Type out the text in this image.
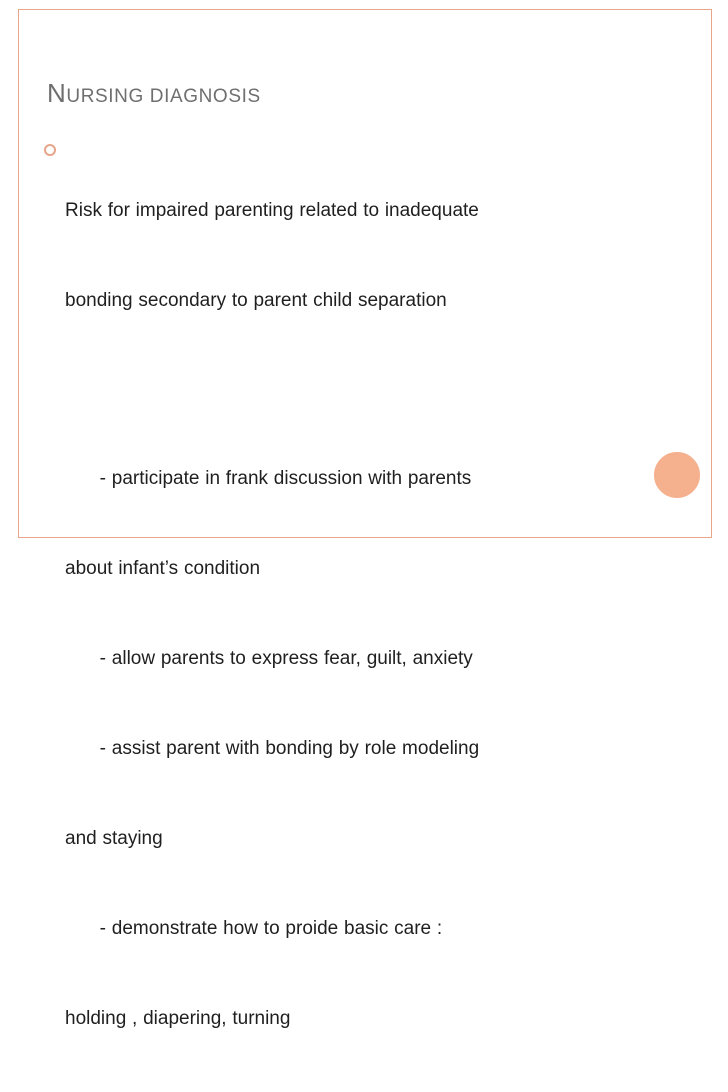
NURSING DIAGNOSIS

Risk for impaired parenting related to inadequate

bonding secondary to parent child separation

- participate in frank discussion with parents

about infant’s condition

- allow parents to express fear, guilt, anxiety

- assist parent with bonding by role modeling

and staying

- demonstrate how to proide basic care :

holding , diapering, turning
